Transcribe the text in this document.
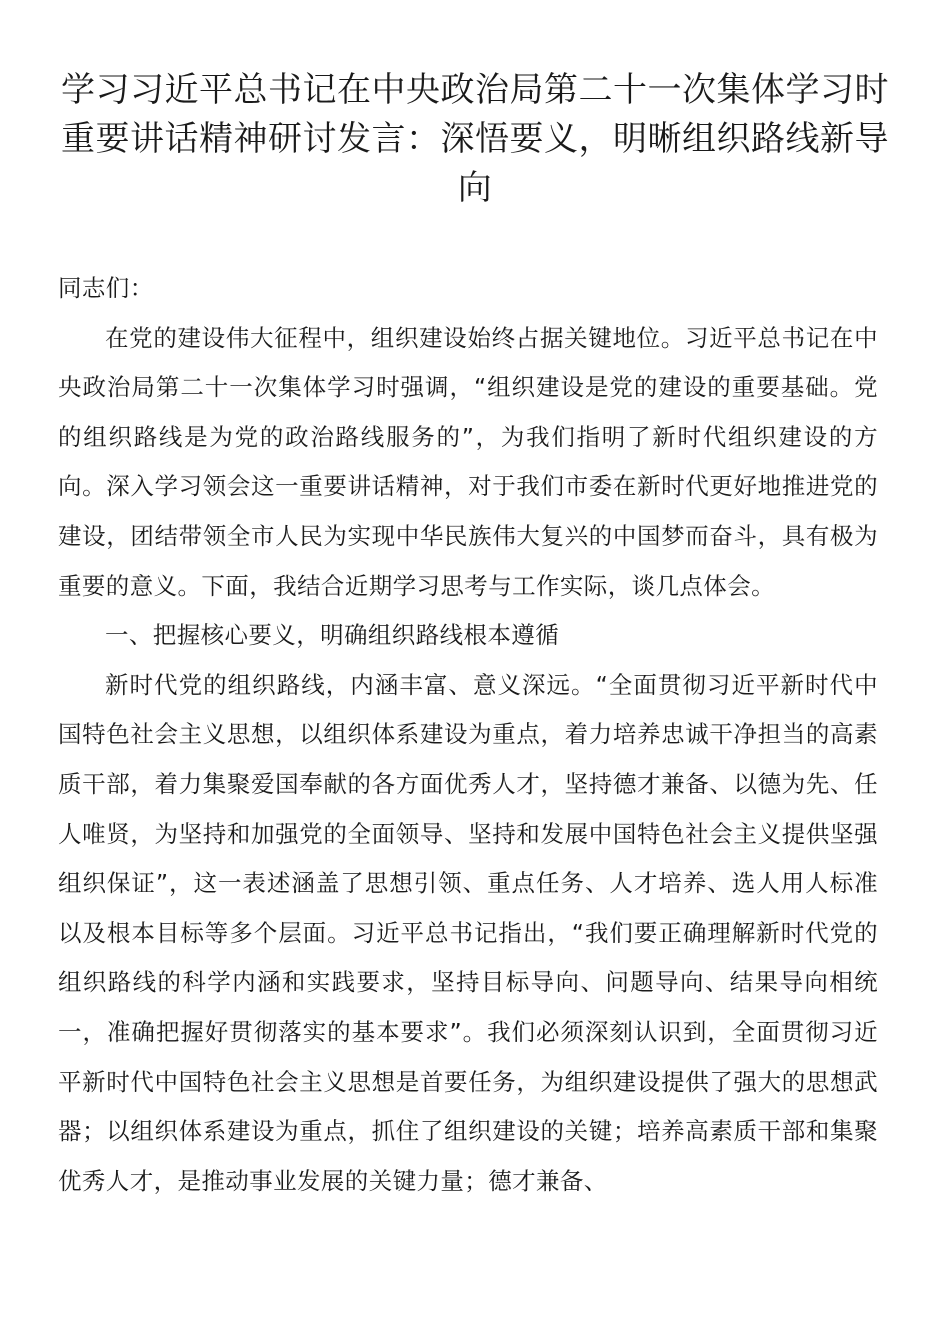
学习习近平总书记在中央政治局第二十一次集体学习时重要讲话精神研讨发言：深悟要义，明晰组织路线新导向

同志们：

在党的建设伟大征程中，组织建设始终占据关键地位。习近平总书记在中央政治局第二十一次集体学习时强调，“组织建设是党的建设的重要基础。党的组织路线是为党的政治路线服务的”，为我们指明了新时代组织建设的方向。深入学习领会这一重要讲话精神，对于我们市委在新时代更好地推进党的建设，团结带领全市人民为实现中华民族伟大复兴的中国梦而奋斗，具有极为重要的意义。下面，我结合近期学习思考与工作实际，谈几点体会。

一、把握核心要义，明确组织路线根本遵循

新时代党的组织路线，内涵丰富、意义深远。“全面贯彻习近平新时代中国特色社会主义思想，以组织体系建设为重点，着力培养忠诚干净担当的高素质干部，着力集聚爱国奉献的各方面优秀人才，坚持德才兼备、以德为先、任人唯贤，为坚持和加强党的全面领导、坚持和发展中国特色社会主义提供坚强组织保证”，这一表述涵盖了思想引领、重点任务、人才培养、选人用人标准以及根本目标等多个层面。习近平总书记指出，“我们要正确理解新时代党的组织路线的科学内涵和实践要求，坚持目标导向、问题导向、结果导向相统一，准确把握好贯彻落实的基本要求”。我们必须深刻认识到，全面贯彻习近平新时代中国特色社会主义思想是首要任务，为组织建设提供了强大的思想武器；以组织体系建设为重点，抓住了组织建设的关键；培养高素质干部和集聚优秀人才，是推动事业发展的关键力量；德才兼备、
